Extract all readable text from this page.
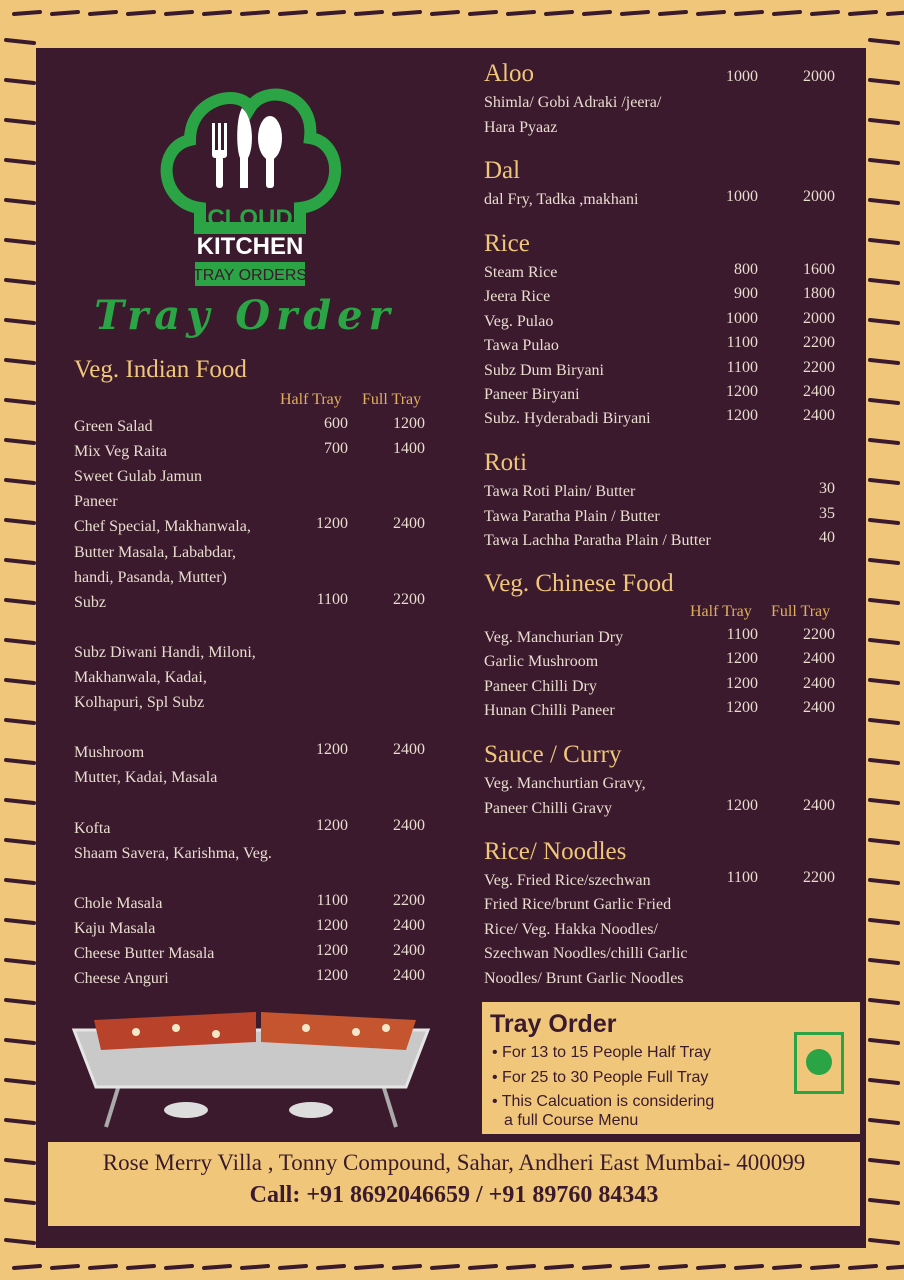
CLOUD
KITCHEN
TRAY ORDERS
Tray Order
Veg. Indian Food
Half Tray Full Tray
Green Salad	600	1200
Mix Veg Raita	700	1400
Sweet Gulab Jamun
Paneer
Chef Special, Makhanwala,	1200	2400
Butter Masala, Lababdar,
handi, Pasanda, Mutter)
Subz	1100	2200
Subz Diwani Handi, Miloni,
Makhanwala, Kadai,
Kolhapuri, Spl Subz
Mushroom	1200	2400
Mutter, Kadai, Masala
Kofta	1200	2400
Shaam Savera, Karishma, Veg.
Chole Masala	1100	2200
Kaju Masala	1200	2400
Cheese Butter Masala	1200	2400
Cheese Anguri	1200	2400
Aloo	1000	2000
Shimla/ Gobi Adraki /jeera/
Hara Pyaaz
Dal
dal Fry, Tadka ,makhani	1000	2000
Rice
Steam Rice	800	1600
Jeera Rice	900	1800
Veg. Pulao	1000	2000
Tawa Pulao	1100	2200
Subz Dum Biryani	1100	2200
Paneer Biryani	1200	2400
Subz. Hyderabadi Biryani	1200	2400
Roti
Tawa Roti Plain/ Butter	30
Tawa Paratha Plain / Butter	35
Tawa Lachha Paratha Plain / Butter	40
Veg. Chinese Food
Half Tray Full Tray
Veg. Manchurian Dry	1100	2200
Garlic Mushroom	1200	2400
Paneer Chilli Dry	1200	2400
Hunan Chilli Paneer	1200	2400
Sauce / Curry
Veg. Manchurtian Gravy,
Paneer Chilli Gravy	1200	2400
Rice/ Noodles
Veg. Fried Rice/szechwan	1100	2200
Fried Rice/brunt Garlic Fried
Rice/ Veg. Hakka Noodles/
Szechwan Noodles/chilli Garlic
Noodles/ Brunt Garlic Noodles
Tray Order
• For 13 to 15 People Half Tray
• For 25 to 30 People Full Tray
• This Calcuation is considering
a full Course Menu
Rose Merry Villa , Tonny Compound, Sahar, Andheri East Mumbai- 400099
Call: +91 8692046659 / +91 89760 84343
